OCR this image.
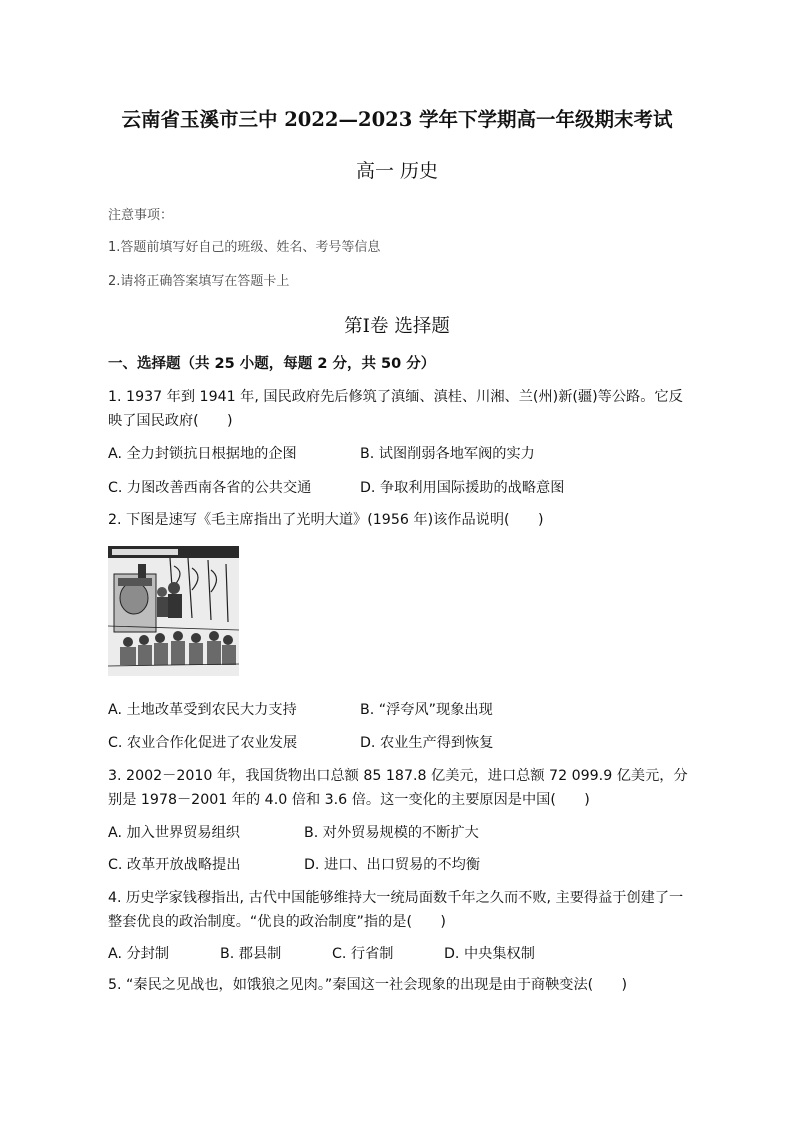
云南省玉溪市三中 2022—2023 学年下学期高一年级期末考试
高一 历史
注意事项：
1.答题前填写好自己的班级、姓名、考号等信息
2.请将正确答案填写在答题卡上
第Ⅰ卷 选择题
一、选择题（共 25 小题，每题 2 分，共 50 分）
1. 1937 年到 1941 年, 国民政府先后修筑了滇缅、滇桂、川湘、兰(州)新(疆)等公路。它反映了国民政府(　　)
A. 全力封锁抗日根据地的企图	B. 试图削弱各地军阀的实力
C. 力图改善西南各省的公共交通	D. 争取利用国际援助的战略意图
2. 下图是速写《毛主席指出了光明大道》(1956 年)该作品说明(　　)
A. 土地改革受到农民大力支持	B. “浮夸风”现象出现
C. 农业合作化促进了农业发展	D. 农业生产得到恢复
3. 2002－2010 年，我国货物出口总额 85 187.8 亿美元，进口总额 72 099.9 亿美元，分别是 1978－2001 年的 4.0 倍和 3.6 倍。这一变化的主要原因是中国(　　)
A. 加入世界贸易组织	B. 对外贸易规模的不断扩大
C. 改革开放战略提出	D. 进口、出口贸易的不均衡
4. 历史学家钱穆指出, 古代中国能够维持大一统局面数千年之久而不败, 主要得益于创建了一整套优良的政治制度。“优良的政治制度”指的是(　　)
A. 分封制	B. 郡县制	C. 行省制	D. 中央集权制
5. “秦民之见战也，如饿狼之见肉。”秦国这一社会现象的出现是由于商鞅变法(　　)
